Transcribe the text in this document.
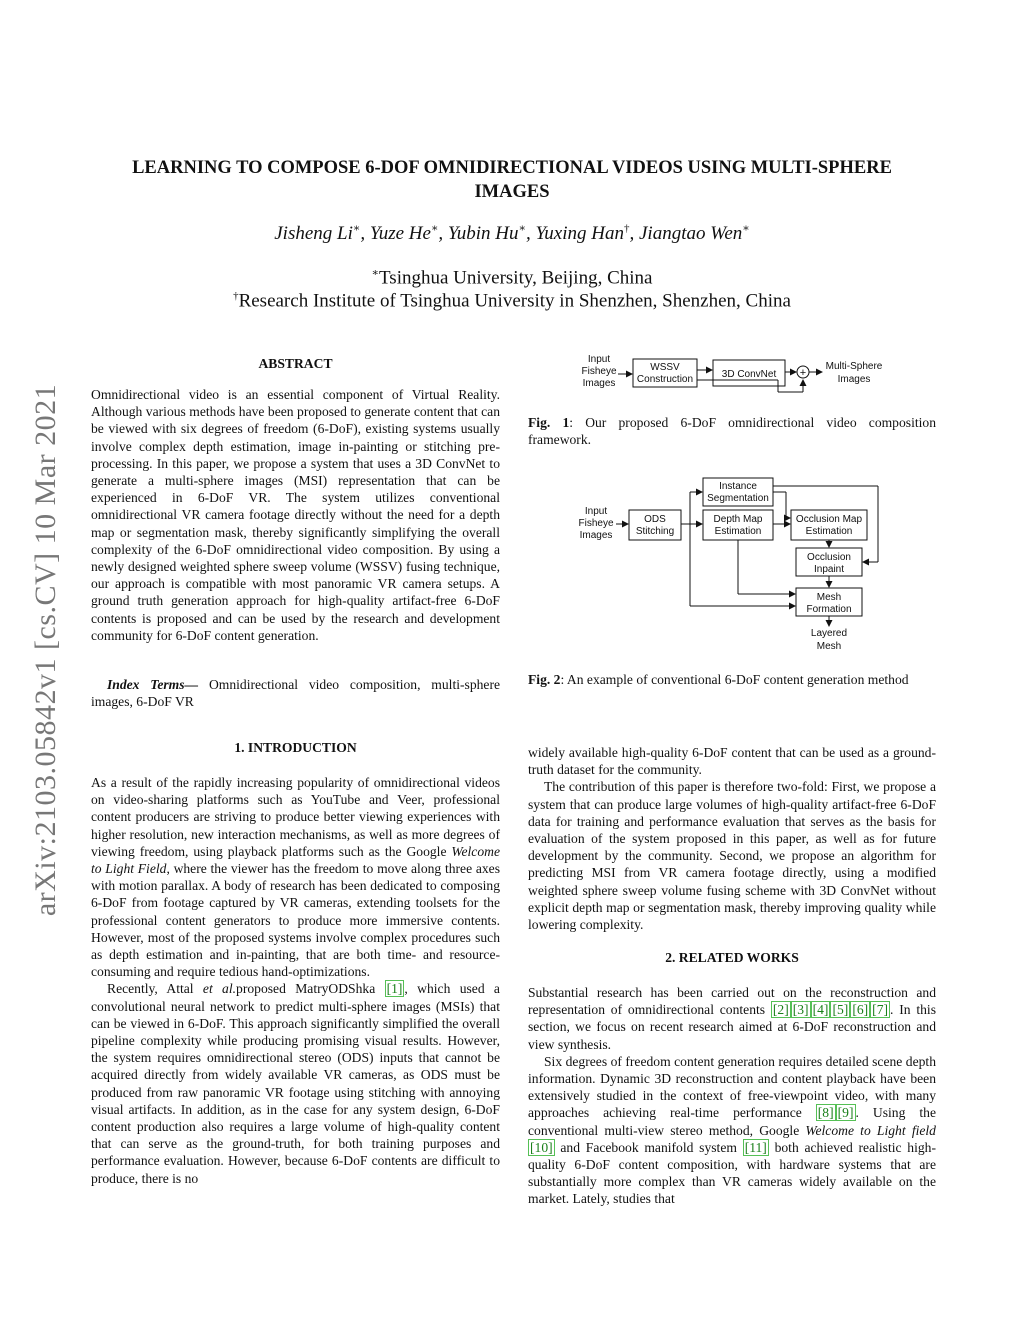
LEARNING TO COMPOSE 6-DOF OMNIDIRECTIONAL VIDEOS USING MULTI-SPHERE
IMAGES
Jisheng Li∗, Yuze He∗, Yubin Hu∗, Yuxing Han†, Jiangtao Wen∗
∗Tsinghua University, Beijing, China
†Research Institute of Tsinghua University in Shenzhen, Shenzhen, China
arXiv:2103.05842v1 [cs.CV] 10 Mar 2021
ABSTRACT

Omnidirectional video is an essential component of Virtual Reality. Although various methods have been proposed to generate content that can be viewed with six degrees of freedom (6-DoF), existing systems usually involve complex depth estimation, image in-painting or stitching pre-processing. In this paper, we propose a system that uses a 3D ConvNet to generate a multi-sphere images (MSI) representation that can be experienced in 6-DoF VR. The system utilizes conventional omnidirectional VR camera footage directly without the need for a depth map or segmentation mask, thereby significantly simplifying the overall complexity of the 6-DoF omnidirectional video composition. By using a newly designed weighted sphere sweep volume (WSSV) fusing technique, our approach is compatible with most panoramic VR camera setups. A ground truth generation approach for high-quality artifact-free 6-DoF contents is proposed and can be used by the research and development community for 6-DoF content generation.

Index Terms— Omnidirectional video composition, multi-sphere images, 6-DoF VR

1. INTRODUCTION

As a result of the rapidly increasing popularity of omnidirectional videos on video-sharing platforms such as YouTube and Veer, professional content producers are striving to produce better viewing experiences with higher resolution, new interaction mechanisms, as well as more degrees of viewing freedom, using playback platforms such as the Google Welcome to Light Field, where the viewer has the freedom to move along three axes with motion parallax. A body of research has been dedicated to composing 6-DoF from footage captured by VR cameras, extending toolsets for the professional content generators to produce more immersive contents. However, most of the proposed systems involve complex procedures such as depth estimation and in-painting, that are both time- and resource- consuming and require tedious hand-optimizations.

Recently, Attal et al.proposed MatryODShka [1] , which used a convolutional neural network to predict multi-sphere images (MSIs) that can be viewed in 6-DoF. This approach significantly simplified the overall pipeline complexity while producing promising visual results. However, the system requires omnidirectional stereo (ODS) inputs that cannot be acquired directly from widely available VR cameras, as ODS must be produced from raw panoramic VR footage using stitching with annoying visual artifacts. In addition, as in the case for any system design, 6-DoF content production also requires a large volume of high-quality content that can serve as the ground-truth, for both training purposes and performance evaluation. However, because 6-DoF contents are difficult to produce, there is no

Input
Fisheye
Images
WSSV
Construction	3D ConvNet +
Multi-Sphere
Images
Fig. 1: Our proposed 6-DoF omnidirectional video composition framework.
Input
Fisheye
Images
ODS
Stitching
Instance
Segmentation
Depth Map
Estimation
Occlusion Map
Estimation
Occlusion
Inpaint
Mesh
Formation
Layered
Mesh
Fig. 2: An example of conventional 6-DoF content generation method

widely available high-quality 6-DoF content that can be used as a ground-truth dataset for the community.

The contribution of this paper is therefore two-fold: First, we propose a system that can produce large volumes of high-quality artifact-free 6-DoF data for training and performance evaluation that serves as the basis for evaluation of the system proposed in this paper, as well as for future development by the community. Second, we propose an algorithm for predicting MSI from VR camera footage directly, using a modified weighted sphere sweep volume fusing scheme with 3D ConvNet without explicit depth map or segmentation mask, thereby improving quality while lowering complexity.

2. RELATED WORKS

Substantial research has been carried out on the reconstruction and representation of omnidirectional contents [2] [3] [4] [5] [6] [7] . In this section, we focus on recent research aimed at 6-DoF reconstruction and view synthesis.

Six degrees of freedom content generation requires detailed scene depth information. Dynamic 3D reconstruction and content playback have been extensively studied in the context of free-viewpoint video, with many approaches achieving real-time performance [8] [9] . Using the conventional multi-view stereo method, Google Welcome to Light field [10] and Facebook manifold system [11] both achieved realistic high-quality 6-DoF content composition, with hardware systems that are substantially more complex than VR cameras widely available on the market. Lately, studies that
